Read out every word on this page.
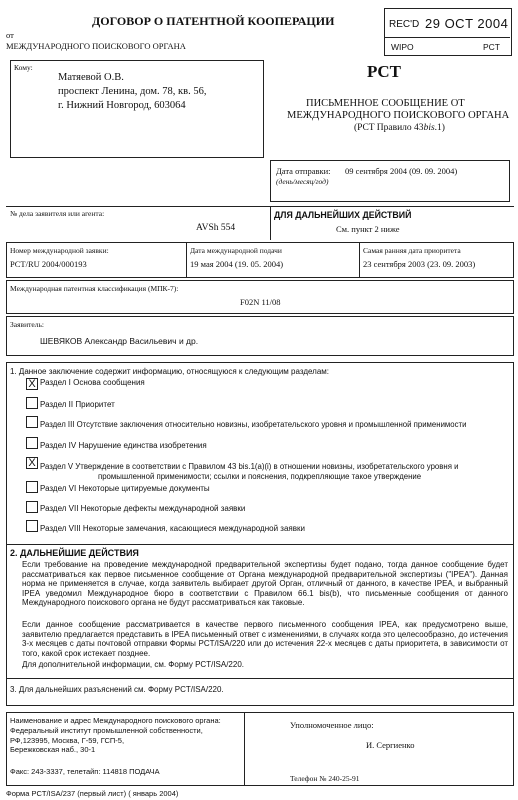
ДОГОВОР О ПАТЕНТНОЙ КООПЕРАЦИИ
от
МЕЖДУНАРОДНОГО ПОИСКОВОГО ОРГАНА
REC'D 29 OCT 2004
WIPO	PCT
Кому:
Матяевой О.В.
проспект Ленина, дом. 78, кв. 56,
г. Нижний Новгород, 603064
PCT
ПИСЬМЕННОЕ СООБЩЕНИЕ ОТ
МЕЖДУНАРОДНОГО ПОИСКОВОГО ОРГАНА
(PCT Правило 43bis.1)
Дата отправки: 09 сентября 2004 (09. 09. 2004)
(день/месяц/год)
№ дела заявителя или агента:
AVSh 554
ДЛЯ ДАЛЬНЕЙШИХ ДЕЙСТВИЙ
См. пункт 2 ниже
Номер международной заявки:
PCT/RU 2004/000193
Дата международной подачи
19 мая 2004 (19. 05. 2004)
Самая ранняя дата приоритета
23 сентября 2003 (23. 09. 2003)
Международная патентная классификация (МПК-7):
F02N 11/08
Заявитель:
ШЕВЯКОВ Александр Васильевич и др.
1. Данное заключение содержит информацию, относящуюся к следующим разделам:
X Раздел I Основа сообщения
Раздел II Приоритет
Раздел III Отсутствие заключения относительно новизны, изобретательского уровня и промышленной применимости
Раздел IV Нарушение единства изобретения
X Раздел V Утверждение в соответствии с Правилом 43 bis.1(a)(i) в отношении новизны, изобретательского уровня и
промышленной применимости; ссылки и пояснения, подкрепляющие такое утверждение
Раздел VI Некоторые цитируемые документы
Раздел VII Некоторые дефекты международной заявки
Раздел VIII Некоторые замечания, касающиеся международной заявки
2. ДАЛЬНЕЙШИЕ ДЕЙСТВИЯ
Если требование на проведение международной предварительной экспертизы будет подано, тогда данное сообщение будет рассматриваться как первое письменное сообщение от Органа международной предварительной экспертизы ("IPEA"). Данная норма не применяется в случае, когда заявитель выбирает другой Орган, отличный от данного, в качестве IPEA, и выбранный IPEA уведомил Международное бюро в соответствии с Правилом 66.1 bis(b), что письменные сообщения от данного Международного поискового органа не будут рассматриваться как таковые.
Если данное сообщение рассматривается в качестве первого письменного сообщения IPEA, как предусмотрено выше, заявителю предлагается представить в IPEA письменный ответ с изменениями, в случаях когда это целесообразно, до истечения 3-х месяцев с даты почтовой отправки Формы PCT/ISA/220 или до истечения 22-х месяцев с даты приоритета, в зависимости от того, какой срок истекает позднее.
Для дополнительной информации, см. Форму PCT/ISA/220.
3. Для дальнейших разъяснений см. Форму PCT/ISA/220.
Наименование и адрес Международного поискового органа:
Федеральный институт промышленной собственности,
РФ,123995, Москва, Г-59, ГСП-5,
Бережковская наб., 30-1
Факс: 243-3337, телетайп: 114818 ПОДАЧА
Уполномоченное лицо:
И. Сергиенко
Телефон № 240-25-91
Форма PCT/ISA/237 (первый лист) ( январь 2004)
